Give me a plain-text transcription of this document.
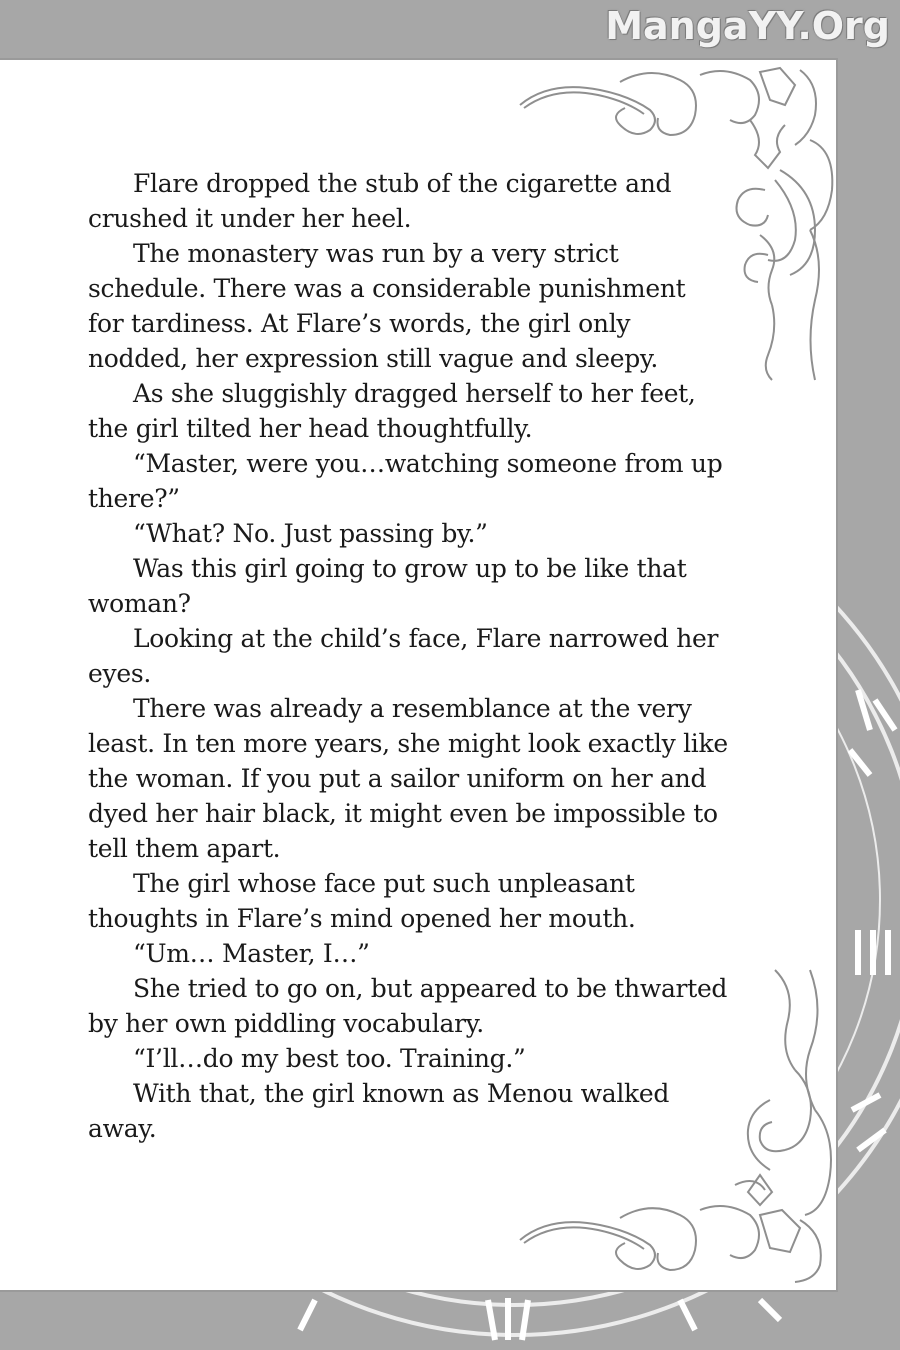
MangaYY.Org

Flare dropped the stub of the cigarette and crushed it under her heel.

The monastery was run by a very strict schedule. There was a considerable punishment for tardiness. At Flare’s words, the girl only nodded, her expression still vague and sleepy.

As she sluggishly dragged herself to her feet, the girl tilted her head thoughtfully.

“Master, were you…watching someone from up there?”

“What? No. Just passing by.”

Was this girl going to grow up to be like that woman?

Looking at the child’s face, Flare narrowed her eyes.

There was already a resemblance at the very least. In ten more years, she might look exactly like the woman. If you put a sailor uniform on her and dyed her hair black, it might even be impossible to tell them apart.

The girl whose face put such unpleasant thoughts in Flare’s mind opened her mouth.

“Um… Master, I…”

She tried to go on, but appeared to be thwarted by her own piddling vocabulary.

“I’ll…do my best too. Training.”

With that, the girl known as Menou walked away.
